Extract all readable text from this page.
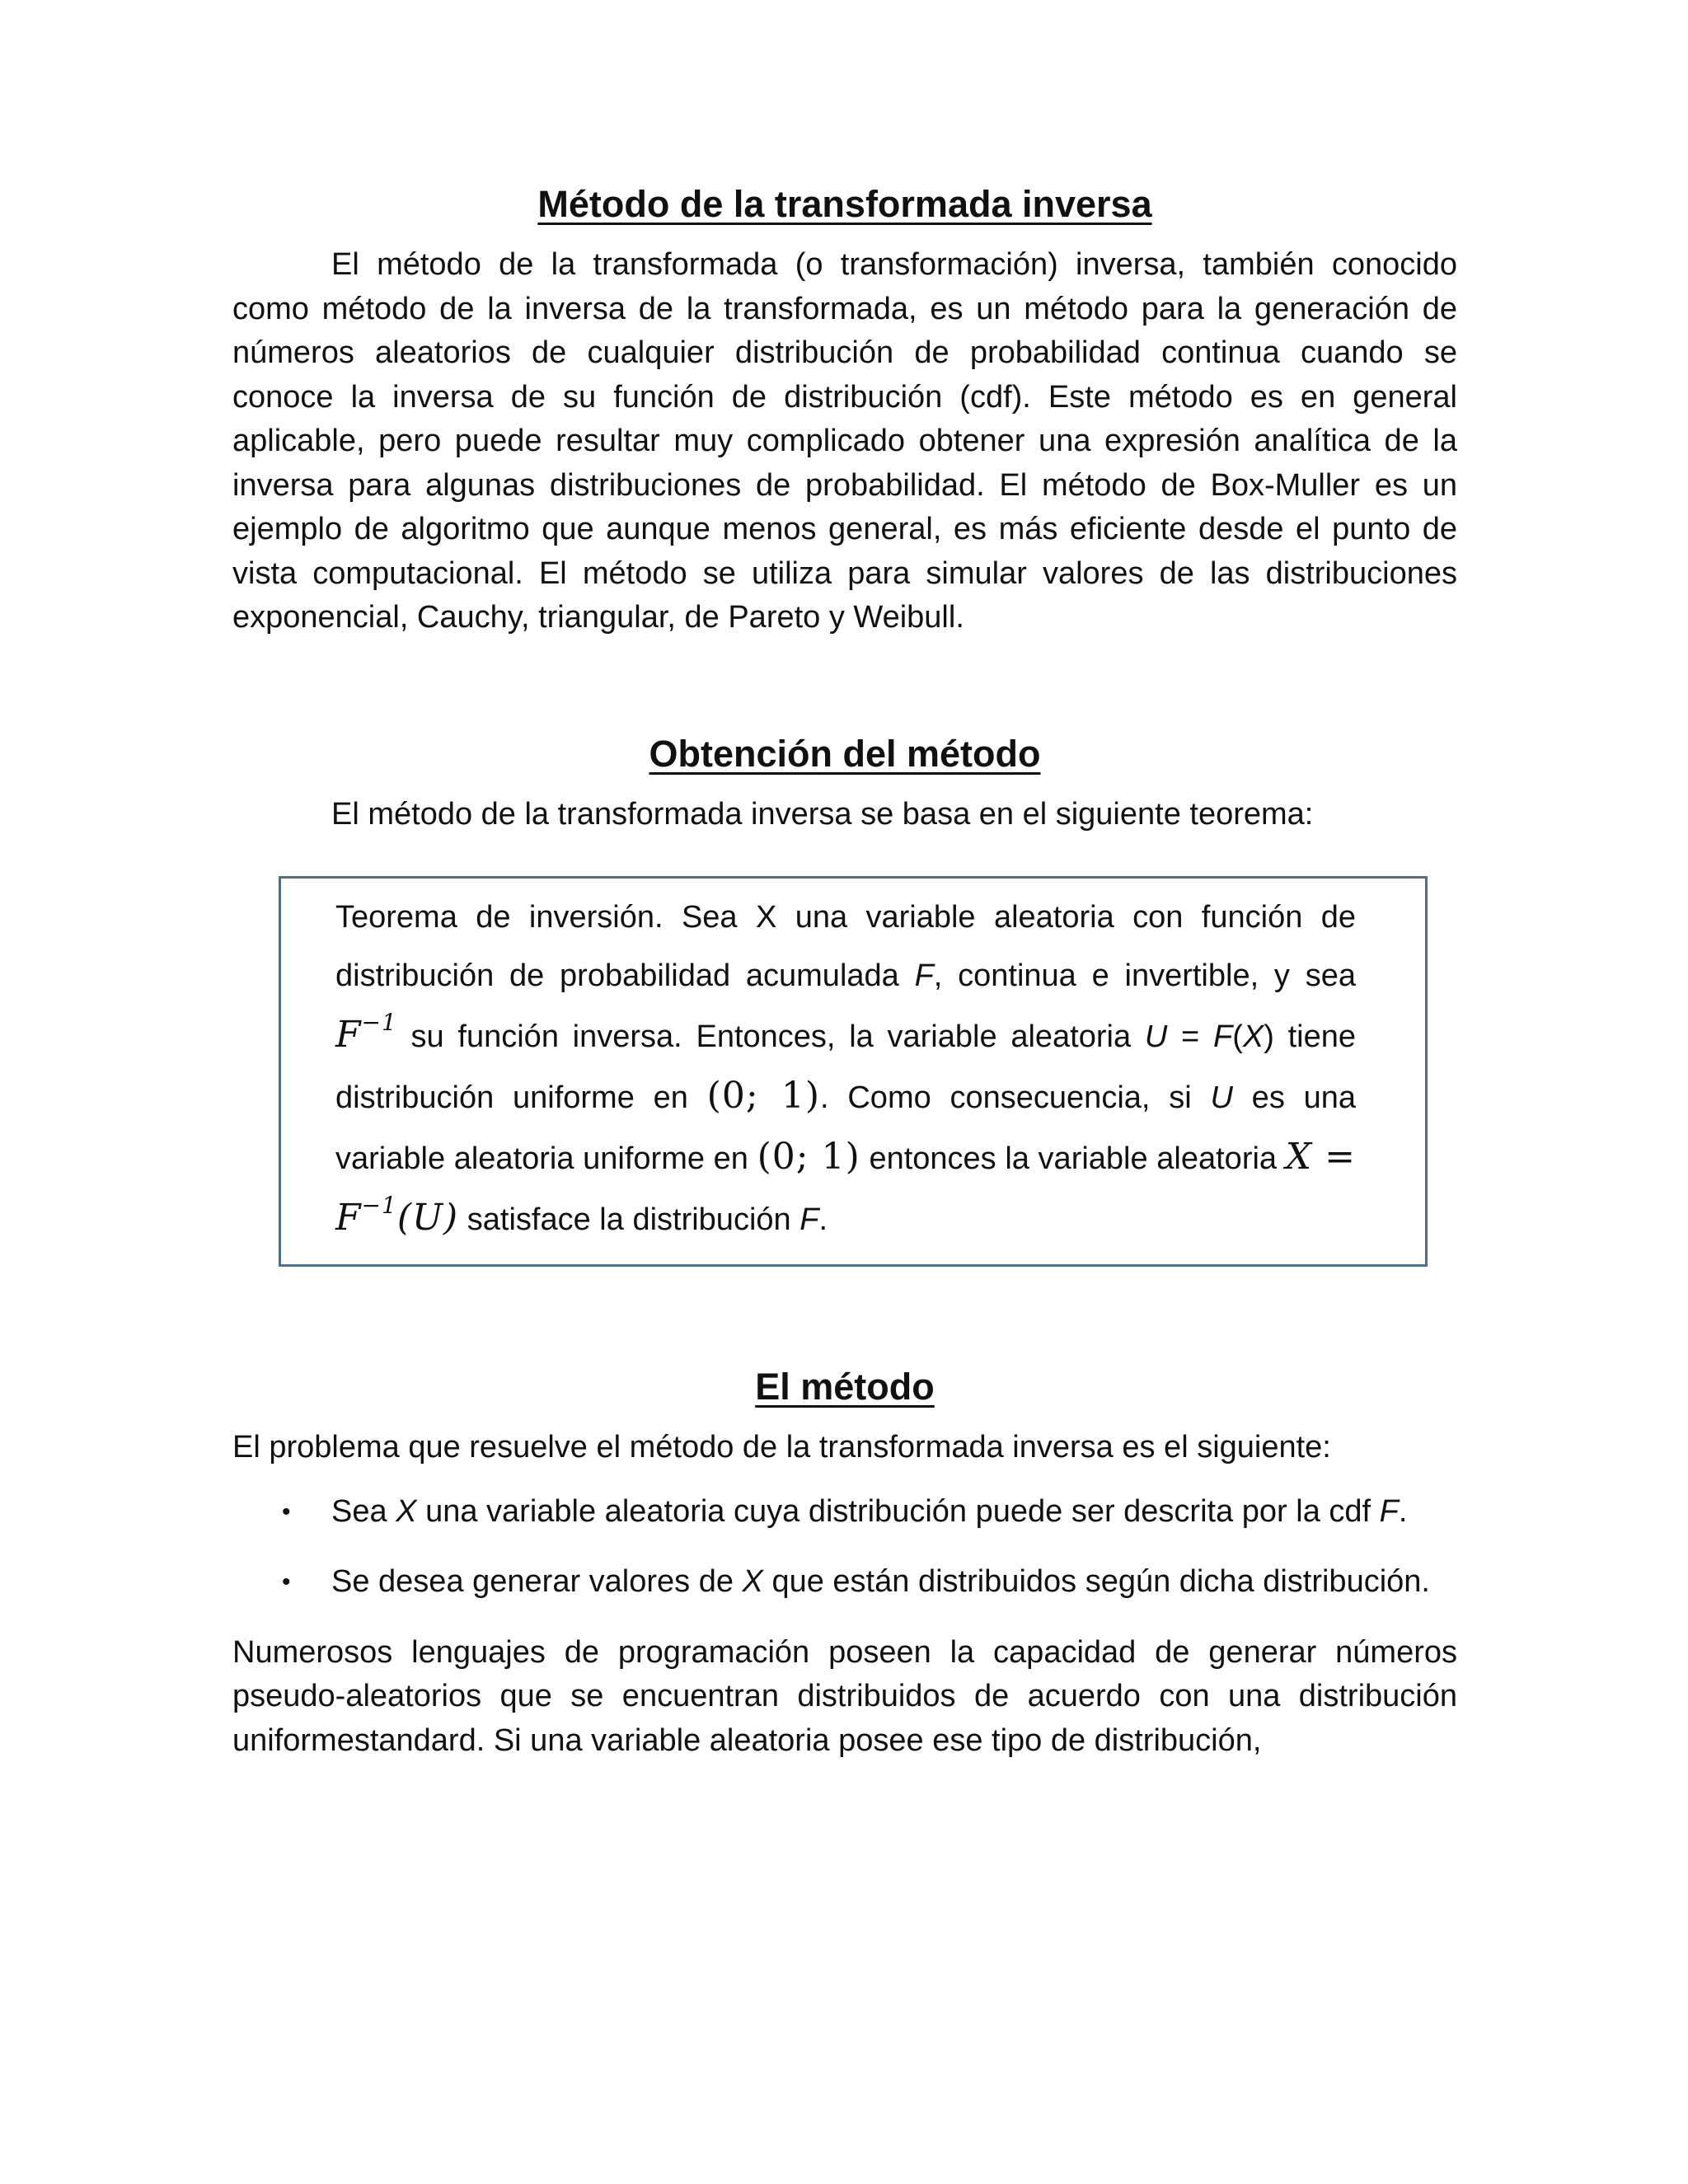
Método de la transformada inversa

El método de la transformada (o transformación) inversa, también conocido como método de la inversa de la transformada, es un método para la generación de números aleatorios de cualquier distribución de probabilidad continua cuando se conoce la inversa de su función de distribución (cdf). Este método es en general aplicable, pero puede resultar muy complicado obtener una expresión analítica de la inversa para algunas distribuciones de probabilidad. El método de Box-Muller es un ejemplo de algoritmo que aunque menos general, es más eficiente desde el punto de vista computacional. El método se utiliza para simular valores de las distribuciones exponencial, Cauchy, triangular, de Pareto y Weibull.

Obtención del método

El método de la transformada inversa se basa en el siguiente teorema:

Teorema de inversión. Sea X una variable aleatoria con función de distribución de probabilidad acumulada F, continua e invertible, y sea $F^{-1}$ su función inversa. Entonces, la variable aleatoria U = F(X) tiene distribución uniforme en (0; 1). Como consecuencia, si U es una variable aleatoria uniforme en (0; 1) entonces la variable aleatoria $X = F^{-1}(U)$ satisface la distribución F.
El método

El problema que resuelve el método de la transformada inversa es el siguiente:

• Sea X una variable aleatoria cuya distribución puede ser descrita por la cdf F.
• Se desea generar valores de X que están distribuidos según dicha distribución.

Numerosos lenguajes de programación poseen la capacidad de generar números pseudo-aleatorios que se encuentran distribuidos de acuerdo con una distribución uniformestandard. Si una variable aleatoria posee ese tipo de distribución,
